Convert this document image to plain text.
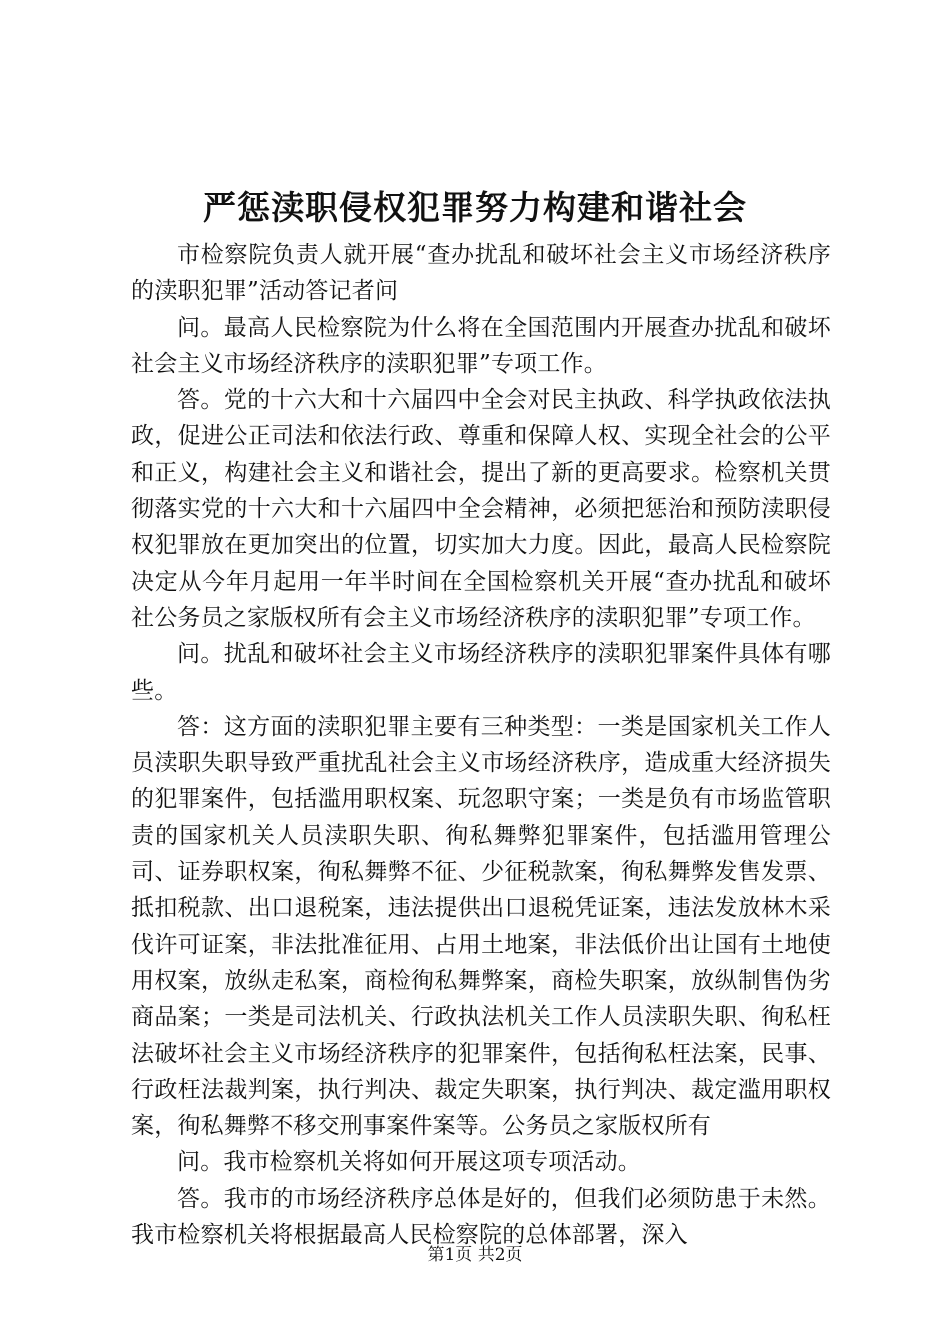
严惩渎职侵权犯罪努力构建和谐社会

市检察院负责人就开展“查办扰乱和破坏社会主义市场经济秩序的渎职犯罪”活动答记者问

问。最高人民检察院为什么将在全国范围内开展查办扰乱和破坏社会主义市场经济秩序的渎职犯罪”专项工作。

答。党的十六大和十六届四中全会对民主执政、科学执政依法执政，促进公正司法和依法行政、尊重和保障人权、实现全社会的公平和正义，构建社会主义和谐社会，提出了新的更高要求。检察机关贯彻落实党的十六大和十六届四中全会精神，必须把惩治和预防渎职侵权犯罪放在更加突出的位置，切实加大力度。因此，最高人民检察院决定从今年月起用一年半时间在全国检察机关开展“查办扰乱和破坏社公务员之家版权所有会主义市场经济秩序的渎职犯罪”专项工作。

问。扰乱和破坏社会主义市场经济秩序的渎职犯罪案件具体有哪些。

答：这方面的渎职犯罪主要有三种类型：一类是国家机关工作人员渎职失职导致严重扰乱社会主义市场经济秩序，造成重大经济损失的犯罪案件，包括滥用职权案、玩忽职守案；一类是负有市场监管职责的国家机关人员渎职失职、徇私舞弊犯罪案件，包括滥用管理公司、证券职权案，徇私舞弊不征、少征税款案，徇私舞弊发售发票、抵扣税款、出口退税案，违法提供出口退税凭证案，违法发放林木采伐许可证案，非法批准征用、占用土地案，非法低价出让国有土地使用权案，放纵走私案，商检徇私舞弊案，商检失职案，放纵制售伪劣商品案；一类是司法机关、行政执法机关工作人员渎职失职、徇私枉法破坏社会主义市场经济秩序的犯罪案件，包括徇私枉法案，民事、行政枉法裁判案，执行判决、裁定失职案，执行判决、裁定滥用职权案，徇私舞弊不移交刑事案件案等。公务员之家版权所有

问。我市检察机关将如何开展这项专项活动。

答。我市的市场经济秩序总体是好的，但我们必须防患于未然。我市检察机关将根据最高人民检察院的总体部署，深入

第1页 共2页
